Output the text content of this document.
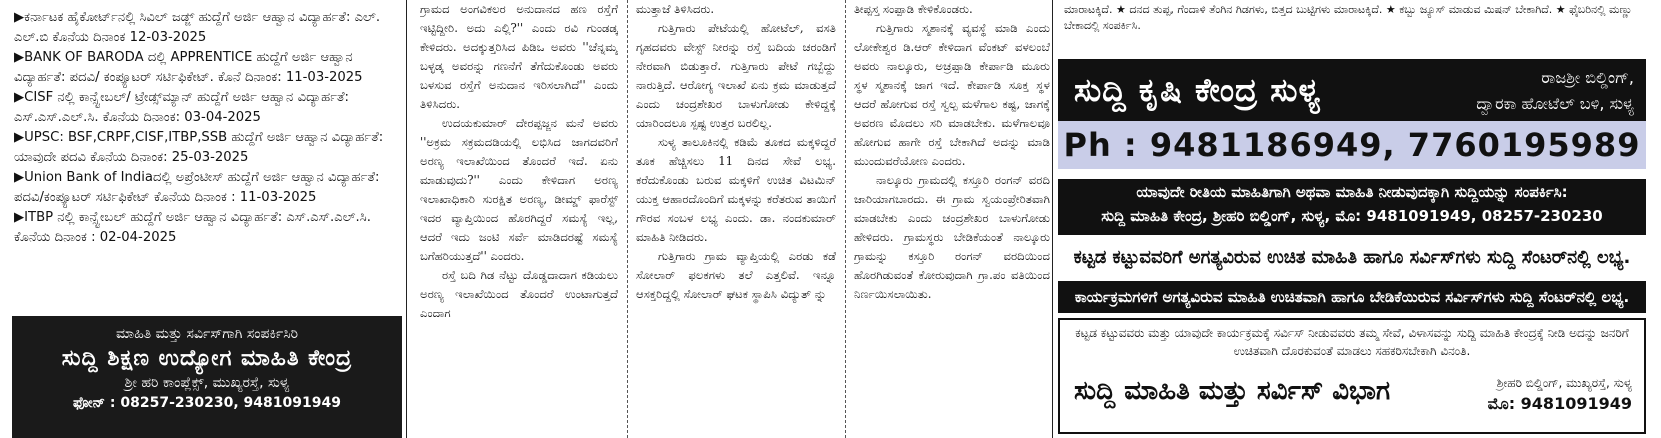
▶ಕರ್ನಾಟಕ ಹೈಕೋರ್ಟ್‌ನಲ್ಲಿ ಸಿವಿಲ್ ಜಡ್ಜ್ ಹುದ್ದೆಗೆ ಅರ್ಜಿ ಆಹ್ವಾನ ವಿದ್ಯಾರ್ಹತೆ: ಎಲ್. ಎಲ್.ಬಿ ಕೊನೆಯ ದಿನಾಂಕ 12-03-2025
▶BANK OF BARODA ದಲ್ಲಿ APPRENTICE ಹುದ್ದೆಗೆ ಅರ್ಜಿ ಆಹ್ವಾನ ವಿದ್ಯಾರ್ಹತೆ: ಪದವಿ/ ಕಂಪ್ಯೂಟರ್ ಸರ್ಟಿಫಿಕೇಟ್. ಕೊನೆ ದಿನಾಂಕ: 11-03-2025
▶CISF ನಲ್ಲಿ ಕಾನ್ಸ್ಟೇಬಲ್/ ಟ್ರೇಡ್ಸ್‌ಮ್ಯಾನ್ ಹುದ್ದೆಗೆ ಅರ್ಜಿ ಆಹ್ವಾನ ವಿದ್ಯಾರ್ಹತೆ: ಎಸ್.ಎಸ್.ಎಲ್.ಸಿ. ಕೊನೆಯ ದಿನಾಂಕ: 03-04-2025
▶UPSC: BSF,CRPF,CISF,ITBP,SSB ಹುದ್ದೆಗೆ ಅರ್ಜಿ ಆಹ್ವಾನ ವಿದ್ಯಾರ್ಹತೆ: ಯಾವುದೇ ಪದವಿ ಕೊನೆಯ ದಿನಾಂಕ: 25-03-2025
▶Union Bank of Indiaದಲ್ಲಿ ಅಪ್ರೆಂಟೀಸ್ ಹುದ್ದೆಗೆ ಅರ್ಜಿ ಆಹ್ವಾನ ವಿದ್ಯಾರ್ಹತೆ: ಪದವಿ/ಕಂಪ್ಯೂಟರ್ ಸರ್ಟಿಫಿಕೇಟ್ ಕೊನೆಯ ದಿನಾಂಕ : 11-03-2025
▶ITBP ನಲ್ಲಿ ಕಾನ್ಸ್ಟೇಬಲ್ ಹುದ್ದೆಗೆ ಅರ್ಜಿ ಆಹ್ವಾನ ವಿದ್ಯಾರ್ಹತೆ: ಎಸ್.ಎಸ್.ಎಲ್.ಸಿ. ಕೊನೆಯ ದಿನಾಂಕ : 02-04-2025
ಮಾಹಿತಿ ಮತ್ತು ಸರ್ವಿಸ್‌ಗಾಗಿ ಸಂಪರ್ಕಿಸಿರಿ
ಸುದ್ದಿ ಶಿಕ್ಷಣ ಉದ್ಯೋಗ ಮಾಹಿತಿ ಕೇಂದ್ರ
ಶ್ರೀ ಹರಿ ಕಾಂಪ್ಲೆಕ್ಸ್, ಮುಖ್ಯರಸ್ತೆ, ಸುಳ್ಯ
ಫೋನ್ : 08257-230230, 9481091949

ಗ್ರಾಮದ ಅಂಗವಿಕಲರ ಅನುದಾನದ ಹಣ ರಸ್ತೆಗೆ ಇಟ್ಟಿದ್ದೀರಿ. ಅದು ಎಲ್ಲಿ?'' ಎಂದು ರವಿ ಗುಂಡಡ್ಕ ಕೇಳಿದರು. ಅದಕ್ಕುತ್ತರಿಸಿದ ಪಿಡಿಒ ಅವರು ''ಚೆನ್ನಮ್ಮ ಬಳ್ಳಡ್ಕ ಅವರನ್ನು ಗಣನೆಗೆ ತೆಗೆದುಕೊಂಡು ಅವರು ಬಳಸುವ ರಸ್ತೆಗೆ ಅನುದಾನ ಇರಿಸಲಾಗಿದೆ'' ಎಂದು ತಿಳಿಸಿದರು.

ಉದಯಕುಮಾರ್ ದೇರಪ್ಪಜ್ಜನ ಮನೆ ಅವರು ''ಅಕ್ರಮ ಸಕ್ರಮದಡಿಯಲ್ಲಿ ಲಭಿಸಿದ ಜಾಗದವರಿಗೆ ಅರಣ್ಯ ಇಲಾಖೆಯಿಂದ ತೊಂದರೆ ಇದೆ. ಏನು ಮಾಡುವುದು?'' ಎಂದು ಕೇಳಿದಾಗ ಅರಣ್ಯ ಇಲಾಖಾಧಿಕಾರಿ ಸುರಕ್ಷಿತ ಅರಣ್ಯ, ಡೀಮ್ಡ್ ಫಾರೆಸ್ಟ್ ಇದರ ವ್ಯಾಪ್ತಿಯಿಂದ ಹೊರಗಿದ್ದರೆ ಸಮಸ್ಯೆ ಇಲ್ಲ, ಆದರೆ ಇದು ಜಂಟಿ ಸರ್ವೆ ಮಾಡಿದರಷ್ಟೆ ಸಮಸ್ಯೆ ಬಗೆಹರಿಯುತ್ತದೆ'' ಎಂದರು.

ರಸ್ತೆ ಬದಿ ಗಿಡ ನೆಟ್ಟು ದೊಡ್ಡದಾದಾಗ ಕಡಿಯಲು ಅರಣ್ಯ ಇಲಾಖೆಯಿಂದ ತೊಂದರೆ ಉಂಟಾಗುತ್ತದೆ ಎಂದಾಗ

ಮುತ್ತಾಜೆ ತಿಳಿಸಿದರು.

ಗುತ್ತಿಗಾರು ಪೇಟೆಯಲ್ಲಿ ಹೋಟೆಲ್, ವಸತಿ ಗೃಹದವರು ವೇಸ್ಟ್ ನೀರನ್ನು ರಸ್ತೆ ಬದಿಯ ಚರಂಡಿಗೆ ನೇರವಾಗಿ ಬಿಡುತ್ತಾರೆ. ಗುತ್ತಿಗಾರು ಪೇಟೆ ಗಬ್ಬೆದ್ದು ನಾರುತ್ತಿದೆ. ಆರೋಗ್ಯ ಇಲಾಖೆ ಏನು ಕ್ರಮ ಮಾಡುತ್ತದೆ ಎಂದು ಚಂದ್ರಶೇಖರ ಬಾಳುಗೋಡು ಕೇಳಿದ್ದಕ್ಕೆ ಯಾರಿಂದಲೂ ಸ್ಪಷ್ಟ ಉತ್ತರ ಬರಲಿಲ್ಲ.

ಸುಳ್ಯ ತಾಲೂಕಿನಲ್ಲಿ ಕಡಿಮೆ ತೂಕದ ಮಕ್ಕಳಿದ್ದರೆ ತೂಕ ಹೆಚ್ಚಿಸಲು 11 ದಿನದ ಸೇವೆ ಲಭ್ಯ. ಕರೆದುಕೊಂಡು ಬರುವ ಮಕ್ಕಳಿಗೆ ಉಚಿತ ವಿಟಮಿನ್ ಯುಕ್ತ ಆಹಾರದೊಂದಿಗೆ ಮಕ್ಕಳನ್ನು ಕರೆತರುವ ತಾಯಿಗೆ ಗೌರವ ಸಂಬಳ ಲಭ್ಯ ಎಂದು. ಡಾ. ನಂದಕುಮಾರ್ ಮಾಹಿತಿ ನೀಡಿದರು.

ಗುತ್ತಿಗಾರು ಗ್ರಾಮ ವ್ಯಾಪ್ತಿಯಲ್ಲಿ ಎರಡು ಕಡೆ ಸೋಲಾರ್ ಫಲಕಗಳು ತಲೆ ಎತ್ತಲಿವೆ. ಇನ್ನೂ ಆಸಕ್ತರಿದ್ದಲ್ಲಿ ಸೋಲಾರ್ ಘಟಕ ಸ್ಥಾಪಿಸಿ ವಿದ್ಯುತ್ ನ್ನು

ತೀಪ್ಪಸ್ತ ಸಂಪ್ಪಾಡಿ ಕೇಳಿಕೊಂಡರು.

ಗುತ್ತಿಗಾರು ಸ್ಮಶಾನಕ್ಕೆ ವ್ಯವಸ್ಥೆ ಮಾಡಿ ಎಂದು ಲೋಕೇಶ್ವರ ಡಿ.ಆರ್ ಕೇಳಿದಾಗ ವೆಂಕಟ್ ವಳಲಂಬೆ ಅವರು ನಾಲ್ಕೂರು, ಅಚ್ರಪ್ಪಾಡಿ ಕೇರ್ಪಾಡಿ ಮೂರು ಸ್ಥಳ ಸ್ಮಶಾನಕ್ಕೆ ಜಾಗ ಇದೆ. ಕೇರ್ಪಾಡಿ ಸೂಕ್ತ ಸ್ಥಳ ಆದರೆ ಹೋಗುವ ರಸ್ತೆ ಸ್ವಲ್ಪ ಮಳೆಗಾಲ ಕಷ್ಟ, ಜಾಗಕ್ಕೆ ಅವರಣ ಮೊದಲು ಸರಿ ಮಾಡಬೇಕು. ಮಳೆಗಾಲವೂ ಹೋಗುವ ಹಾಗೇ ರಸ್ತೆ ಬೇಕಾಗಿದೆ ಅದನ್ನು ಮಾಡಿ ಮುಂದುವರೆಯೋಣ ಎಂದರು.

ನಾಲ್ಕೂರು ಗ್ರಾಮದಲ್ಲಿ ಕಸ್ತೂರಿ ರಂಗನ್ ವರದಿ ಜಾರಿಯಾಗಬಾರದು. ಈ ಗ್ರಾಮ ಸ್ವಯಂಪ್ರೇರಿತವಾಗಿ ಮಾಡಬೇಕು ಎಂದು ಚಂದ್ರಶೇಖರ ಬಾಳುಗೋಡು ಹೇಳಿದರು. ಗ್ರಾಮಸ್ಥರು ಬೇಡಿಕೆಯಂತೆ ನಾಲ್ಕೂರು ಗ್ರಾಮನ್ನು ಕಸ್ತೂರಿ ರಂಗನ್ ವರದಿಯಿಂದ ಹೊರಗಿಡುವಂತೆ ಕೋರುವುದಾಗಿ ಗ್ರಾ.ಪಂ ವತಿಯಿಂದ ನಿರ್ಣಯಿಸಲಾಯಿತು.

ಮಾರಾಟಕ್ಕಿದೆ. ★ ದನದ ತುಪ್ಪ, ಗೆಂದಾಳಿ ತೆಂಗಿನ ಗಿಡಗಳು, ಬಿತ್ತದ ಬುಟ್ಟಿಗಳು ಮಾರಾಟಕ್ಕಿದೆ. ★ ಕಬ್ಬು ಜ್ಯೂಸ್ ಮಾಡುವ ಮಿಷನ್ ಬೇಕಾಗಿದೆ. ★ ಫೈಬರಿನಲ್ಲಿ ಮಣ್ಣು ಬೇಕಾದಲ್ಲಿ ಸಂಪರ್ಕಿಸಿ.
ಸುದ್ದಿ ಕೃಷಿ ಕೇಂದ್ರ ಸುಳ್ಯ	ರಾಜಶ್ರೀ ಬಿಲ್ಡಿಂಗ್,
ದ್ವಾರಕಾ ಹೋಟೆಲ್ ಬಳಿ, ಸುಳ್ಯ
Ph : 9481186949, 7760195989
ಯಾವುದೇ ರೀತಿಯ ಮಾಹಿತಿಗಾಗಿ ಅಥವಾ ಮಾಹಿತಿ ನೀಡುವುದಕ್ಕಾಗಿ ಸುದ್ದಿಯನ್ನು ಸಂಪರ್ಕಿಸಿ:
ಸುದ್ದಿ ಮಾಹಿತಿ ಕೇಂದ್ರ, ಶ್ರೀಹರಿ ಬಿಲ್ಡಿಂಗ್, ಸುಳ್ಯ, ಮೊ: 9481091949, 08257-230230
ಕಟ್ಟಡ ಕಟ್ಟುವವರಿಗೆ ಅಗತ್ಯವಿರುವ ಉಚಿತ ಮಾಹಿತಿ ಹಾಗೂ ಸರ್ವಿಸ್‌ಗಳು ಸುದ್ದಿ ಸೆಂಟರ್‌ನಲ್ಲಿ ಲಭ್ಯ.
ಕಾರ್ಯಕ್ರಮಗಳಿಗೆ ಅಗತ್ಯವಿರುವ ಮಾಹಿತಿ ಉಚಿತವಾಗಿ ಹಾಗೂ ಬೇಡಿಕೆಯಿರುವ ಸರ್ವಿಸ್‌ಗಳು ಸುದ್ದಿ ಸೆಂಟರ್‌ನಲ್ಲಿ ಲಭ್ಯ.
ಕಟ್ಟಡ ಕಟ್ಟುವವರು ಮತ್ತು ಯಾವುದೇ ಕಾರ್ಯಕ್ರಮಕ್ಕೆ ಸರ್ವಿಸ್ ನೀಡುವವರು ತಮ್ಮ ಸೇವೆ, ವಿಳಾಸವನ್ನು ಸುದ್ದಿ ಮಾಹಿತಿ ಕೇಂದ್ರಕ್ಕೆ ನೀಡಿ ಅದನ್ನು ಜನರಿಗೆ ಉಚಿತವಾಗಿ ದೊರಕುವಂತೆ ಮಾಡಲು ಸಹಕರಿಸಬೇಕಾಗಿ ವಿನಂತಿ.
ಸುದ್ದಿ ಮಾಹಿತಿ ಮತ್ತು ಸರ್ವಿಸ್ ವಿಭಾಗ	ಶ್ರೀಹರಿ ಬಿಲ್ಡಿಂಗ್, ಮುಖ್ಯರಸ್ತೆ, ಸುಳ್ಯ
ಮೊ: 9481091949
